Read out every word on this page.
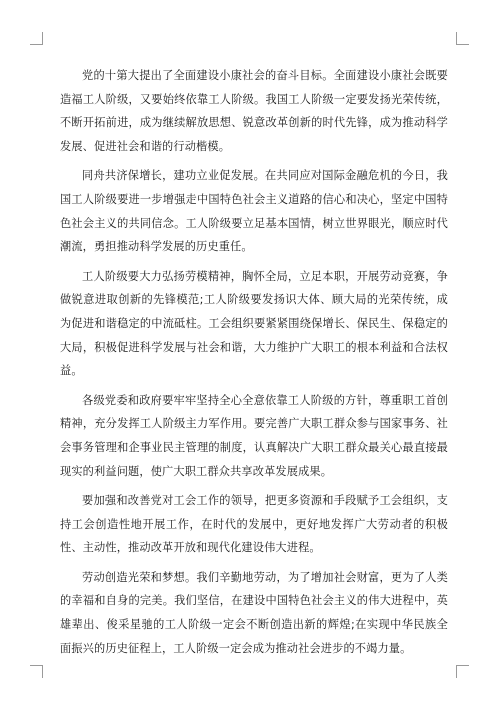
党的十第大提出了全面建设小康社会的奋斗目标。全面建设小康社会既要造福工人阶级，又要始终依靠工人阶级。我国工人阶级一定要发扬光荣传统，不断开拓前进，成为继续解放思想、锐意改革创新的时代先锋，成为推动科学发展、促进社会和谐的行动楷模。

同舟共济保增长，建功立业促发展。在共同应对国际金融危机的今日，我国工人阶级要进一步增强走中国特色社会主义道路的信心和决心，坚定中国特色社会主义的共同信念。工人阶级要立足基本国情，树立世界眼光，顺应时代潮流，勇担推动科学发展的历史重任。

工人阶级要大力弘扬劳模精神，胸怀全局，立足本职，开展劳动竞赛，争做锐意进取创新的先锋模范;工人阶级要发扬识大体、顾大局的光荣传统，成为促进和谐稳定的中流砥柱。工会组织要紧紧围绕保增长、保民生、保稳定的大局，积极促进科学发展与社会和谐，大力维护广大职工的根本利益和合法权益。

各级党委和政府要牢牢坚持全心全意依靠工人阶级的方针，尊重职工首创精神，充分发挥工人阶级主力军作用。要完善广大职工群众参与国家事务、社会事务管理和企事业民主管理的制度，认真解决广大职工群众最关心最直接最现实的利益问题，使广大职工群众共享改革发展成果。

要加强和改善党对工会工作的领导，把更多资源和手段赋予工会组织，支持工会创造性地开展工作，在时代的发展中，更好地发挥广大劳动者的积极性、主动性，推动改革开放和现代化建设伟大进程。

劳动创造光荣和梦想。我们辛勤地劳动，为了增加社会财富，更为了人类的幸福和自身的完美。我们坚信，在建设中国特色社会主义的伟大进程中，英雄辈出、俊采星驰的工人阶级一定会不断创造出新的辉煌;在实现中华民族全面振兴的历史征程上，工人阶级一定会成为推动社会进步的不竭力量。
